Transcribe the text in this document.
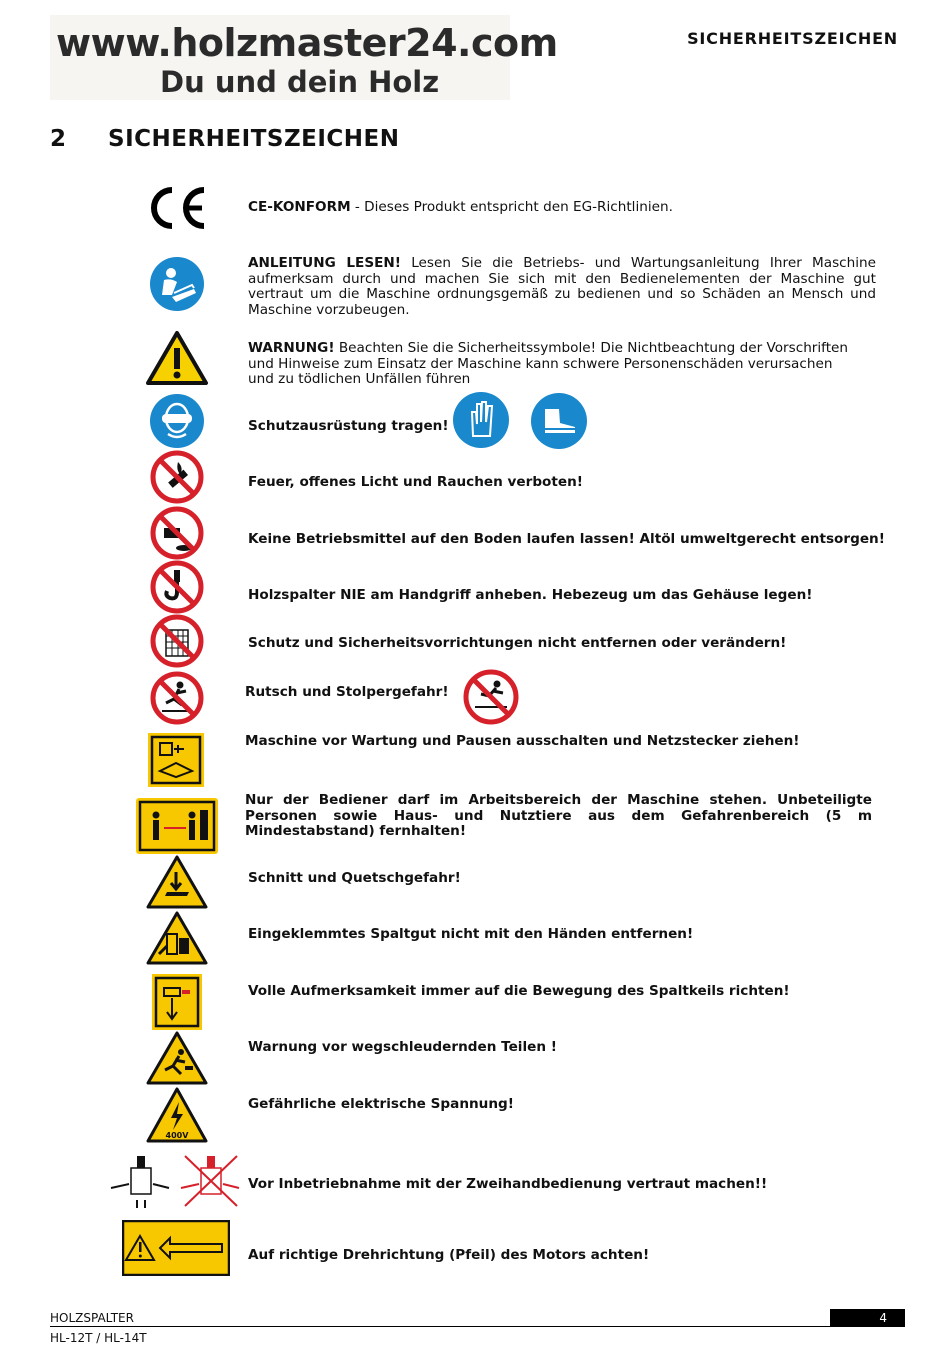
www.holzmaster24.com
Du und dein Holz
SICHERHEITSZEICHEN
2 SICHERHEITSZEICHEN
CE-KONFORM - Dieses Produkt entspricht den EG-Richtlinien.
ANLEITUNG LESEN! Lesen Sie die Betriebs- und Wartungsanleitung Ihrer Maschine aufmerksam durch und machen Sie sich mit den Bedienelementen der Maschine gut vertraut um die Maschine ordnungsgemäß zu bedienen und so Schäden an Mensch und Maschine vorzubeugen.
WARNUNG! Beachten Sie die Sicherheitssymbole! Die Nichtbeachtung der Vorschriften und Hinweise zum Einsatz der Maschine kann schwere Personenschäden verursachen und zu tödlichen Unfällen führen
Schutzausrüstung tragen!
Feuer, offenes Licht und Rauchen verboten!
Keine Betriebsmittel auf den Boden laufen lassen! Altöl umweltgerecht entsorgen!
Holzspalter NIE am Handgriff anheben. Hebezeug um das Gehäuse legen!
Schutz und Sicherheitsvorrichtungen nicht entfernen oder verändern!
Rutsch und Stolpergefahr!
Maschine vor Wartung und Pausen ausschalten und Netzstecker ziehen!
Nur der Bediener darf im Arbeitsbereich der Maschine stehen. Unbeteiligte Personen sowie Haus- und Nutztiere aus dem Gefahrenbereich (5 m Mindestabstand) fernhalten!
Schnitt und Quetschgefahr!
Eingeklemmtes Spaltgut nicht mit den Händen entfernen!
Volle Aufmerksamkeit immer auf die Bewegung des Spaltkeils richten!
Warnung vor wegschleudernden Teilen !
400V
Gefährliche elektrische Spannung!
Vor Inbetriebnahme mit der Zweihandbedienung vertraut machen!!
Auf richtige Drehrichtung (Pfeil) des Motors achten!
HOLZSPALTER
HL-12T / HL-14T
4
